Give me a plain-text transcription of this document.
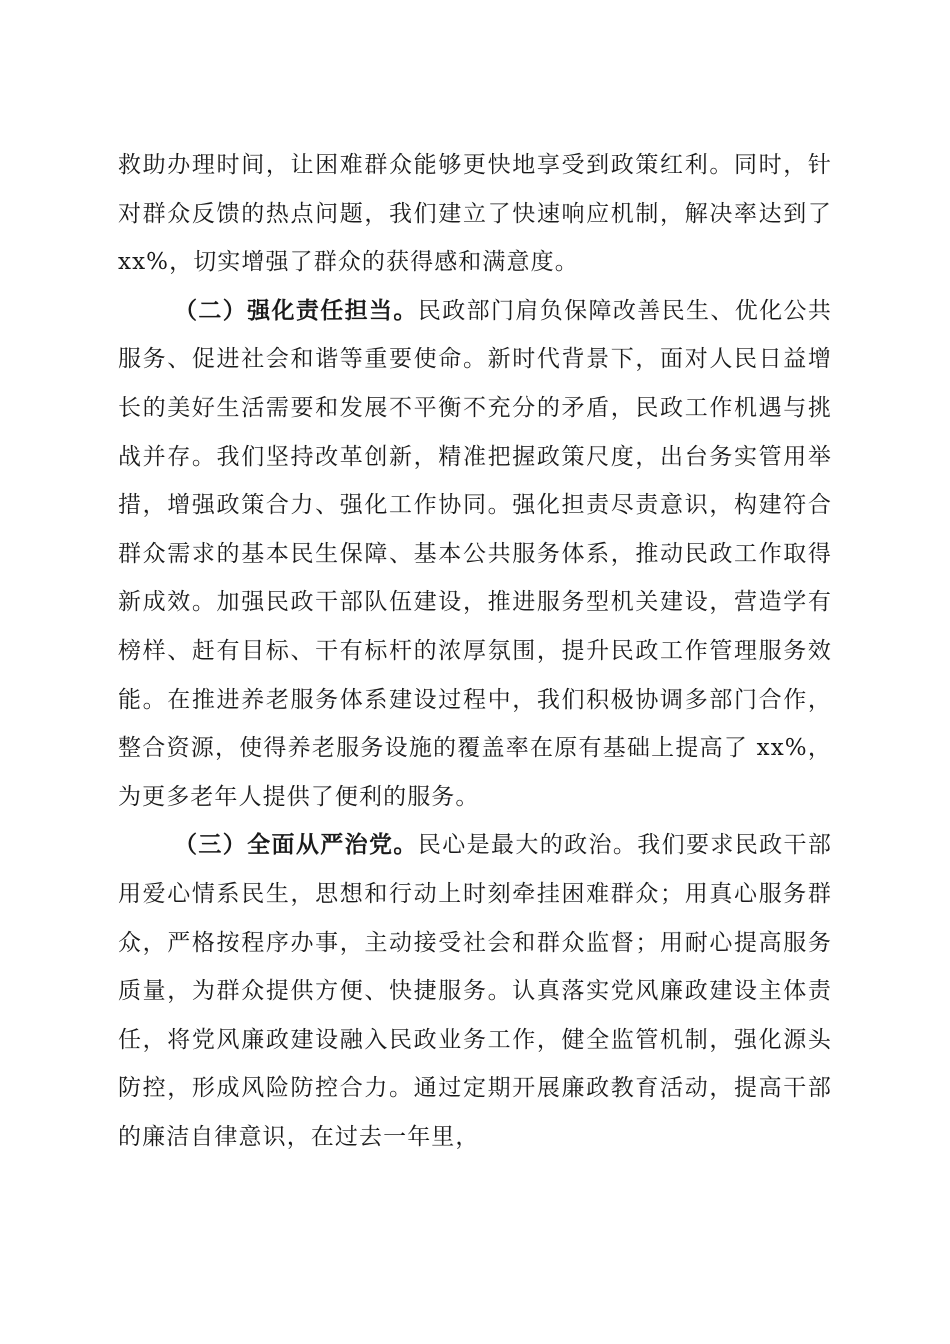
救助办理时间，让困难群众能够更快地享受到政策红利。同时，针对群众反馈的热点问题，我们建立了快速响应机制，解决率达到了 xx%，切实增强了群众的获得感和满意度。

（二）强化责任担当。民政部门肩负保障改善民生、优化公共服务、促进社会和谐等重要使命。新时代背景下，面对人民日益增长的美好生活需要和发展不平衡不充分的矛盾，民政工作机遇与挑战并存。我们坚持改革创新，精准把握政策尺度，出台务实管用举措，增强政策合力、强化工作协同。强化担责尽责意识，构建符合群众需求的基本民生保障、基本公共服务体系，推动民政工作取得新成效。加强民政干部队伍建设，推进服务型机关建设，营造学有榜样、赶有目标、干有标杆的浓厚氛围，提升民政工作管理服务效能。在推进养老服务体系建设过程中，我们积极协调多部门合作，整合资源，使得养老服务设施的覆盖率在原有基础上提高了 xx%，为更多老年人提供了便利的服务。

（三）全面从严治党。民心是最大的政治。我们要求民政干部用爱心情系民生，思想和行动上时刻牵挂困难群众；用真心服务群众，严格按程序办事，主动接受社会和群众监督；用耐心提高服务质量，为群众提供方便、快捷服务。认真落实党风廉政建设主体责任，将党风廉政建设融入民政业务工作，健全监管机制，强化源头防控，形成风险防控合力。通过定期开展廉政教育活动，提高干部的廉洁自律意识，在过去一年里，
